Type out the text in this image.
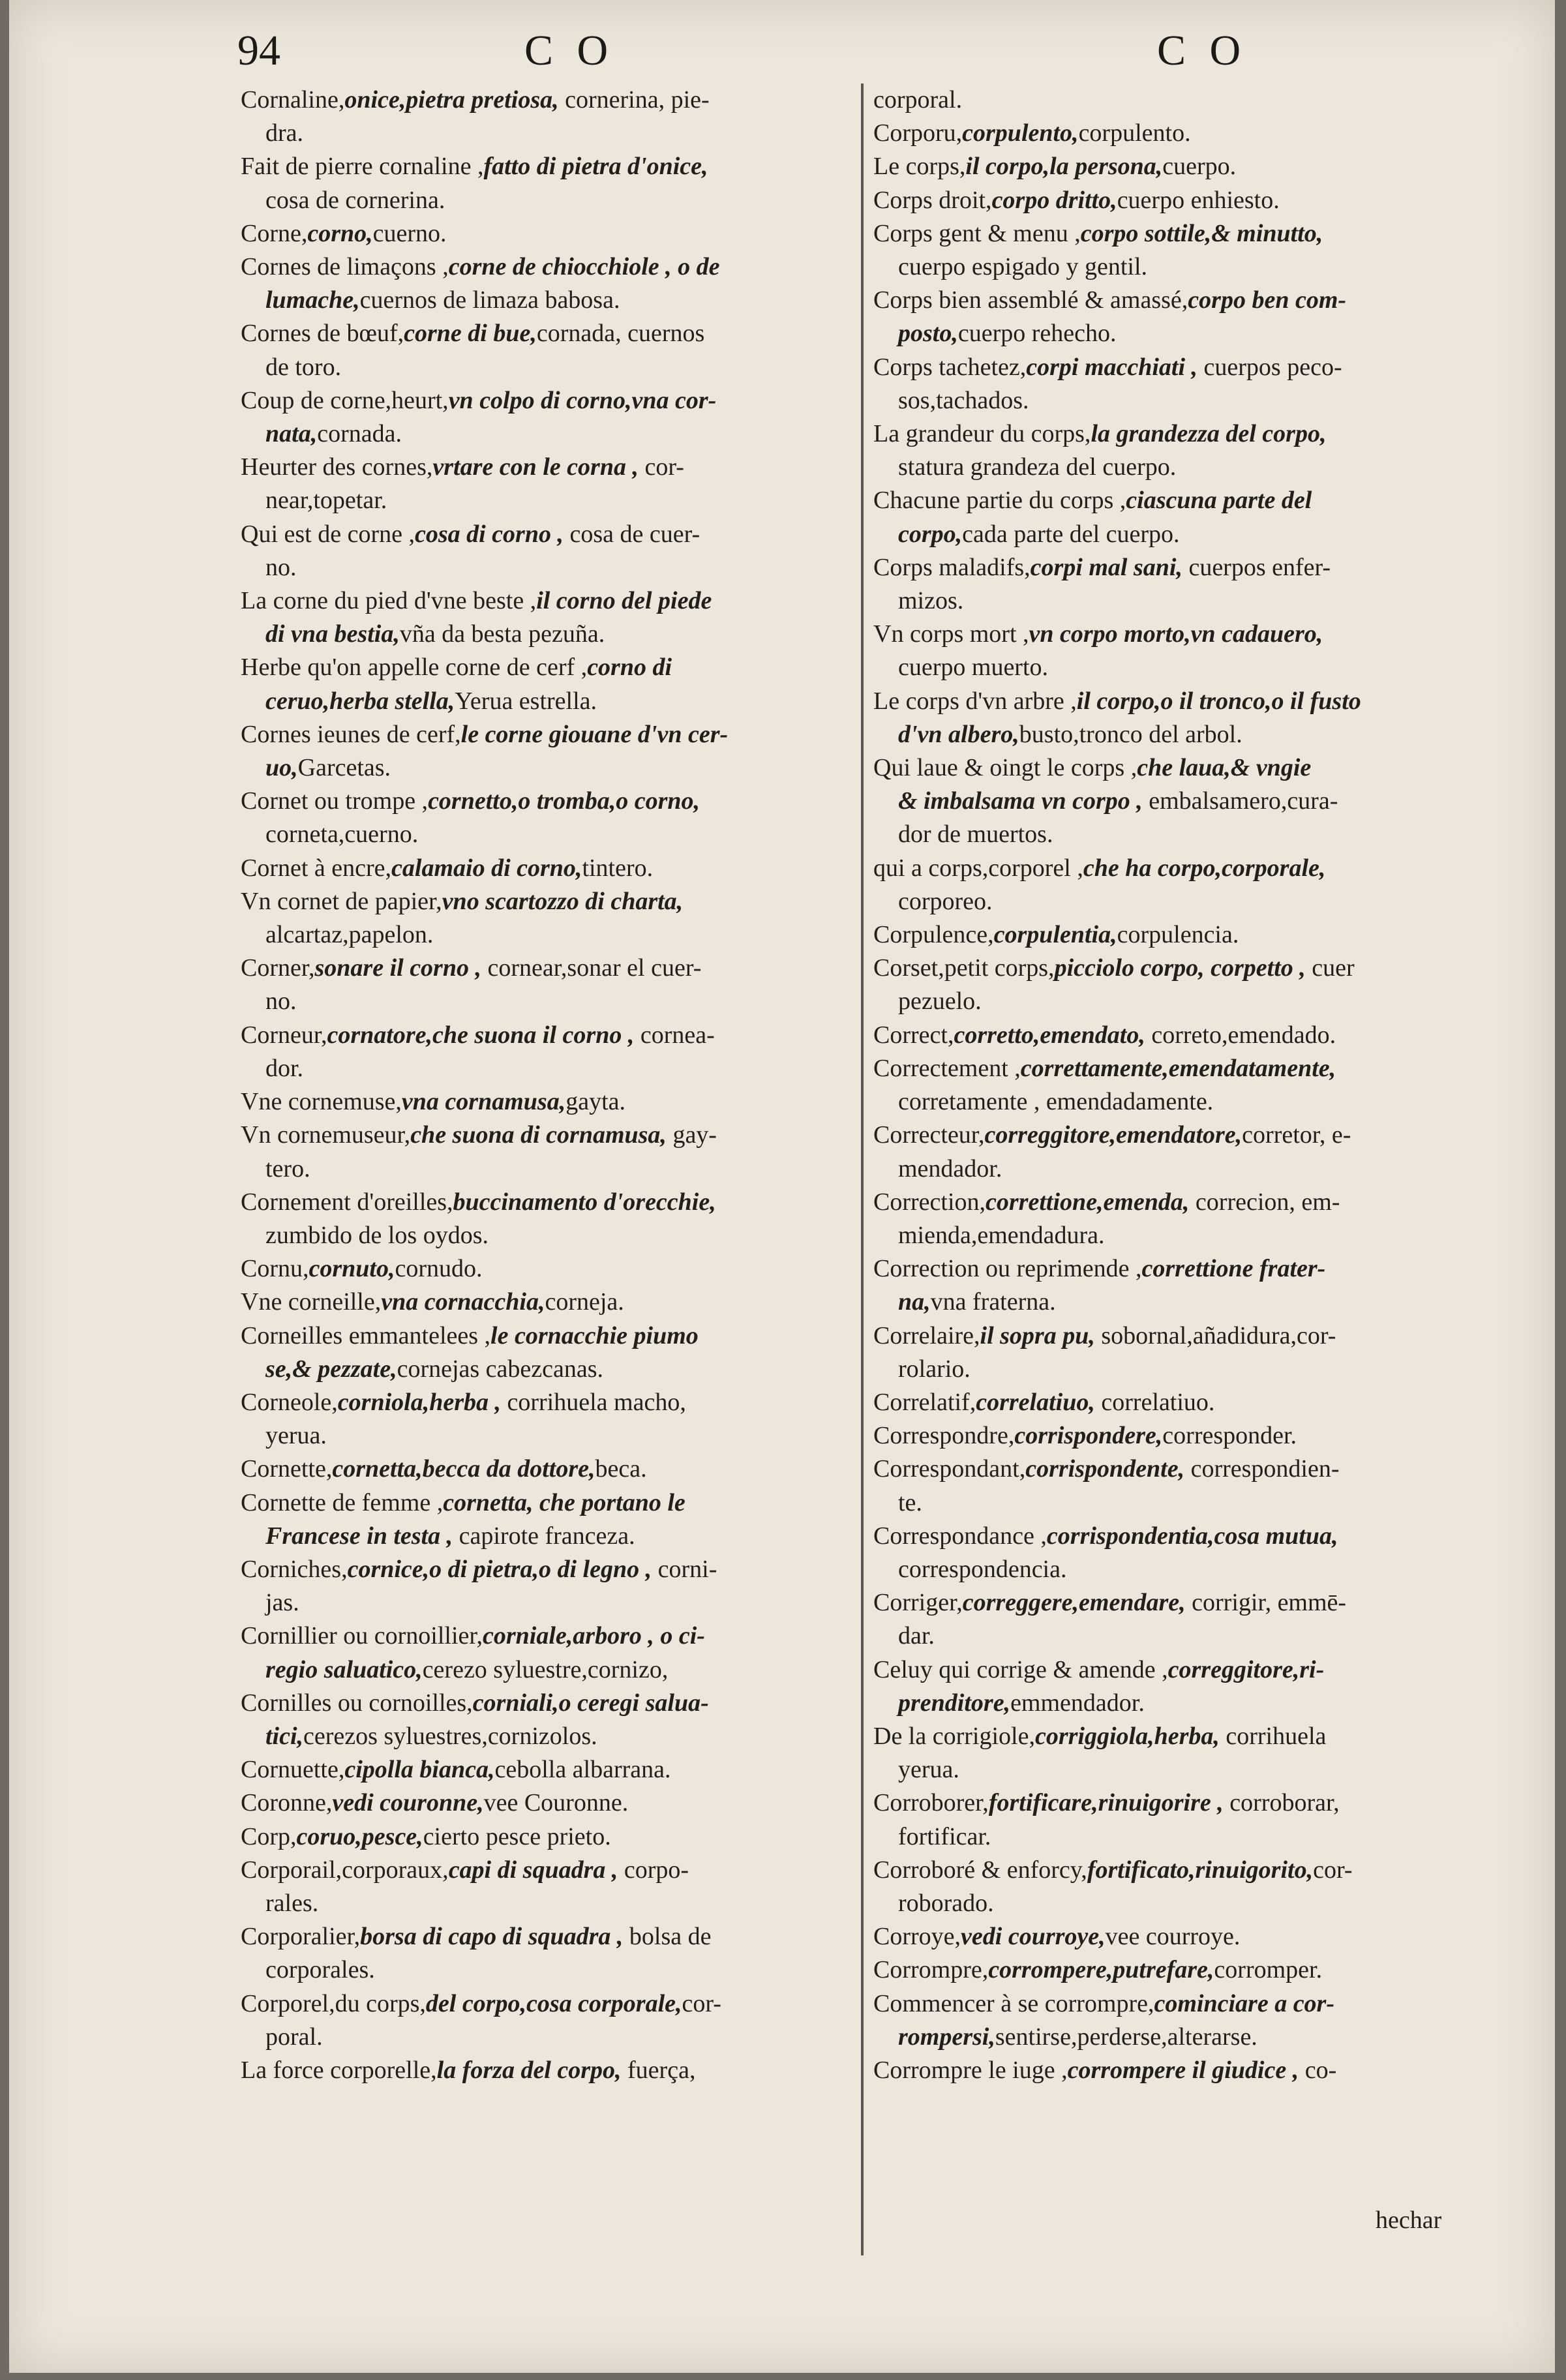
94	C O	C O
Cornaline,onice,pietra pretiosa, cornerina, pie-
dra.
Fait de pierre cornaline ,fatto di pietra d'onice,
cosa de cornerina.
Corne,corno,cuerno.
Cornes de limaçons ,corne de chiocchiole , o de
lumache,cuernos de limaza babosa.
Cornes de bœuf,corne di bue,cornada, cuernos
de toro.
Coup de corne,heurt,vn colpo di corno,vna cor-
nata,cornada.
Heurter des cornes,vrtare con le corna , cor-
near,topetar.
Qui est de corne ,cosa di corno , cosa de cuer-
no.
La corne du pied d'vne beste ,il corno del piede
di vna bestia,vña da besta pezuña.
Herbe qu'on appelle corne de cerf ,corno di
ceruo,herba stella,Yerua estrella.
Cornes ieunes de cerf,le corne giouane d'vn cer-
uo,Garcetas.
Cornet ou trompe ,cornetto,o tromba,o corno,
corneta,cuerno.
Cornet à encre,calamaio di corno,tintero.
Vn cornet de papier,vno scartozzo di charta,
alcartaz,papelon.
Corner,sonare il corno , cornear,sonar el cuer-
no.
Corneur,cornatore,che suona il corno , cornea-
dor.
Vne cornemuse,vna cornamusa,gayta.
Vn cornemuseur,che suona di cornamusa, gay-
tero.
Cornement d'oreilles,buccinamento d'orecchie,
zumbido de los oydos.
Cornu,cornuto,cornudo.
Vne corneille,vna cornacchia,corneja.
Corneilles emmantelees ,le cornacchie piumo
se,& pezzate,cornejas cabezcanas.
Corneole,corniola,herba , corrihuela macho,
yerua.
Cornette,cornetta,becca da dottore,beca.
Cornette de femme ,cornetta, che portano le
Francese in testa , capirote franceza.
Corniches,cornice,o di pietra,o di legno , corni-
jas.
Cornillier ou cornoillier,corniale,arboro , o ci-
regio saluatico,cerezo syluestre,cornizo,
Cornilles ou cornoilles,corniali,o ceregi salua-
tici,cerezos syluestres,cornizolos.
Cornuette,cipolla bianca,cebolla albarrana.
Coronne,vedi couronne,vee Couronne.
Corp,coruo,pesce,cierto pesce prieto.
Corporail,corporaux,capi di squadra , corpo-
rales.
Corporalier,borsa di capo di squadra , bolsa de
corporales.
Corporel,du corps,del corpo,cosa corporale,cor-
poral.
La force corporelle,la forza del corpo, fuerça,
corporal.
Corporu,corpulento,corpulento.
Le corps,il corpo,la persona,cuerpo.
Corps droit,corpo dritto,cuerpo enhiesto.
Corps gent & menu ,corpo sottile,& minutto,
cuerpo espigado y gentil.
Corps bien assemblé & amassé,corpo ben com-
posto,cuerpo rehecho.
Corps tachetez,corpi macchiati , cuerpos peco-
sos,tachados.
La grandeur du corps,la grandezza del corpo,
statura grandeza del cuerpo.
Chacune partie du corps ,ciascuna parte del
corpo,cada parte del cuerpo.
Corps maladifs,corpi mal sani, cuerpos enfer-
mizos.
Vn corps mort ,vn corpo morto,vn cadauero,
cuerpo muerto.
Le corps d'vn arbre ,il corpo,o il tronco,o il fusto
d'vn albero,busto,tronco del arbol.
Qui laue & oingt le corps ,che laua,& vngie
& imbalsama vn corpo , embalsamero,cura-
dor de muertos.
qui a corps,corporel ,che ha corpo,corporale,
corporeo.
Corpulence,corpulentia,corpulencia.
Corset,petit corps,picciolo corpo, corpetto , cuer
pezuelo.
Correct,corretto,emendato, correto,emendado.
Correctement ,correttamente,emendatamente,
corretamente , emendadamente.
Correcteur,correggitore,emendatore,corretor, e-
mendador.
Correction,correttione,emenda, correcion, em-
mienda,emendadura.
Correction ou reprimende ,correttione frater-
na,vna fraterna.
Correlaire,il sopra pu, sobornal,añadidura,cor-
rolario.
Correlatif,correlatiuo, correlatiuo.
Correspondre,corrispondere,corresponder.
Correspondant,corrispondente, correspondien-
te.
Correspondance ,corrispondentia,cosa mutua,
correspondencia.
Corriger,correggere,emendare, corrigir, emmē-
dar.
Celuy qui corrige & amende ,correggitore,ri-
prenditore,emmendador.
De la corrigiole,corriggiola,herba, corrihuela
yerua.
Corroborer,fortificare,rinuigorire , corroborar,
fortificar.
Corroboré & enforcy,fortificato,rinuigorito,cor-
roborado.
Corroye,vedi courroye,vee courroye.
Corrompre,corrompere,putrefare,corromper.
Commencer à se corrompre,cominciare a cor-
rompersi,sentirse,perderse,alterarse.
Corrompre le iuge ,corrompere il giudice , co-
hechar
